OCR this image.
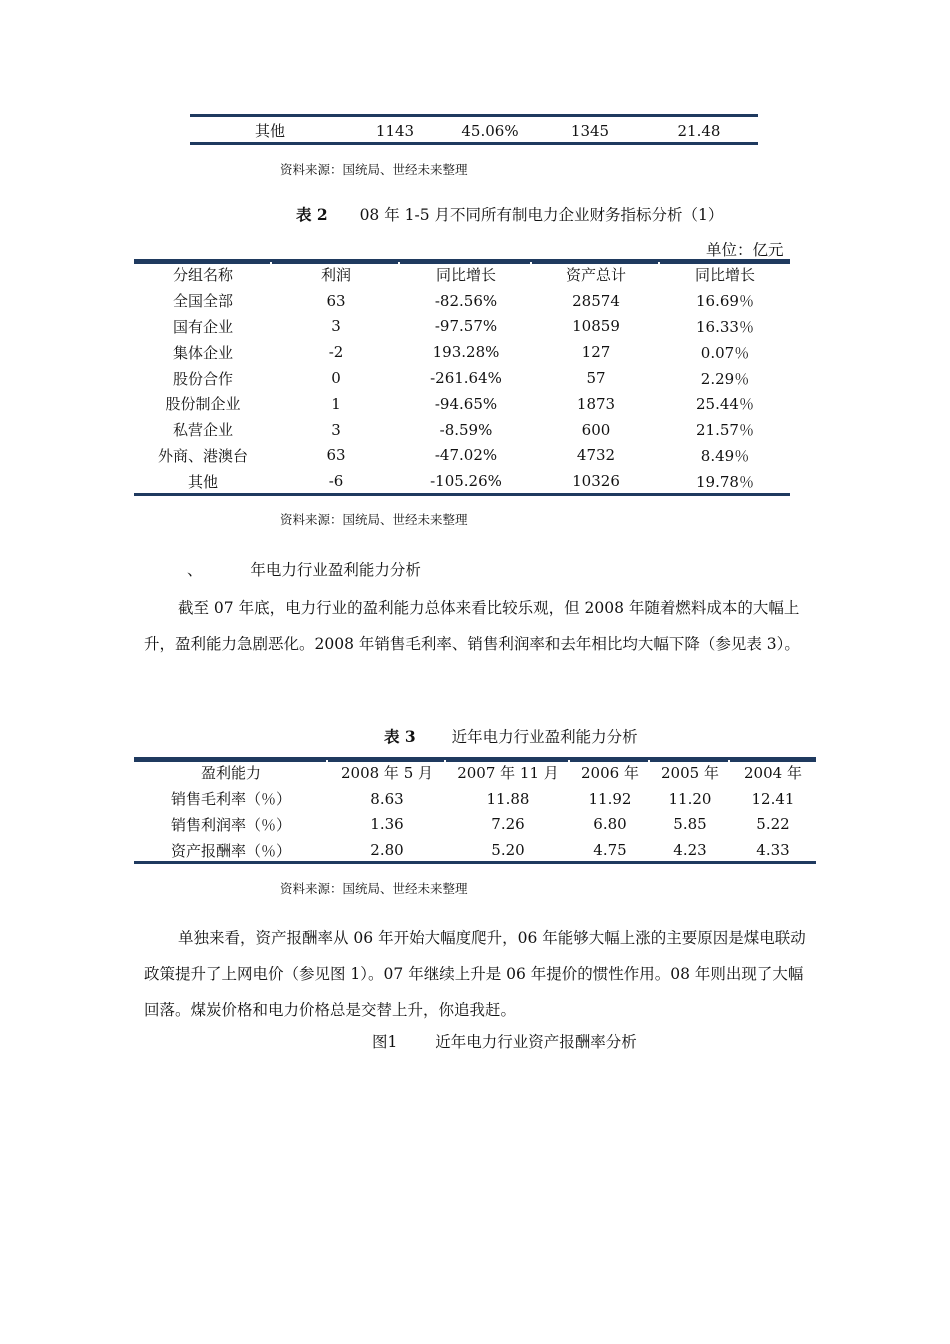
其他	1143	45.06%	1345	21.48
资料来源：国统局、世经未来整理
表 2 08 年 1-5 月不同所有制电力企业财务指标分析（1）
单位：亿元
分组名称	利润	同比增长	资产总计	同比增长
全国全部	63	-82.56%	28574	16.69％
国有企业	3	-97.57%	10859	16.33％
集体企业	-2	193.28%	127	0.07％
股份合作	0	-261.64%	57	2.29％
股份制企业	1	-94.65%	1873	25.44％
私营企业	3	-8.59%	600	21.57％
外商、港澳台	63	-47.02%	4732	8.49％
其他	-6	-105.26%	10326	19.78％
资料来源：国统局、世经未来整理
、	年电力行业盈利能力分析

截至 07 年底，电力行业的盈利能力总体来看比较乐观，但 2008 年随着燃料成本的大幅上升，盈利能力急剧恶化。2008 年销售毛利率、销售利润率和去年相比均大幅下降（参见表 3）。

表 3 近年电力行业盈利能力分析
盈利能力	2008 年 5 月	2007 年 11 月	2006 年	2005 年	2004 年
销售毛利率（％）	8.63	11.88	11.92	11.20	12.41
销售利润率（％）	1.36	7.26	6.80	5.85	5.22
资产报酬率（％）	2.80	5.20	4.75	4.23	4.33
资料来源：国统局、世经未来整理

单独来看，资产报酬率从 06 年开始大幅度爬升，06 年能够大幅上涨的主要原因是煤电联动政策提升了上网电价（参见图 1）。07 年继续上升是 06 年提价的惯性作用。08 年则出现了大幅回落。煤炭价格和电力价格总是交替上升，你追我赶。

图1 近年电力行业资产报酬率分析
